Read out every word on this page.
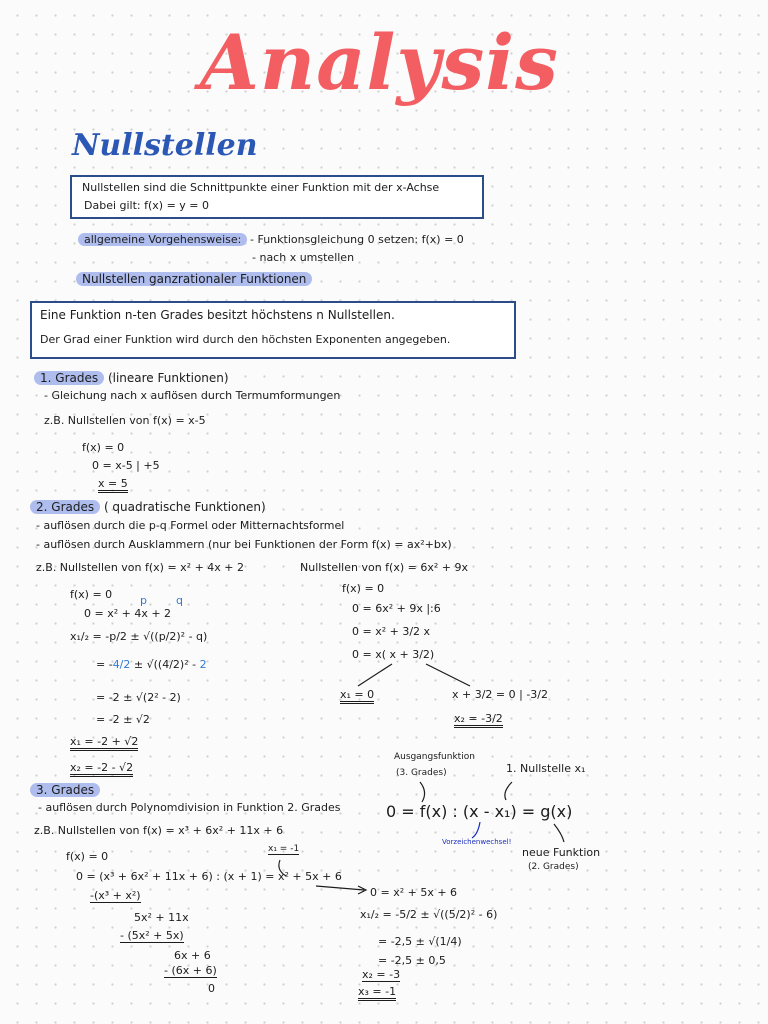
Analysis
Nullstellen
Nullstellen sind die Schnittpunkte einer Funktion mit der x-Achse
Dabei gilt: f(x) = y = 0
allgemeine Vorgehensweise: - Funktionsgleichung 0 setzen: f(x) = 0
- nach x umstellen
Nullstellen ganzrationaler Funktionen
Eine Funktion n-ten Grades besitzt höchstens n Nullstellen.
Der Grad einer Funktion wird durch den höchsten Exponenten angegeben.
1. Grades (lineare Funktionen)
- Gleichung nach x auflösen durch Termumformungen
z.B. Nullstellen von f(x) = x-5
f(x) = 0
0 = x-5 | +5
x = 5
2. Grades ( quadratische Funktionen)
- auflösen durch die p-q Formel oder Mitternachtsformel
- auflösen durch Ausklammern (nur bei Funktionen der Form f(x) = ax²+bx)
z.B. Nullstellen von f(x) = x² + 4x + 2	Nullstellen von f(x) = 6x² + 9x
f(x) = 0
0 = x² + 4x + 2
p	q
x₁/₂ = -p/2 ± √((p/2)² - q)
= -4/2 ± √((4/2)² - 2
= -2 ± √(2² - 2)
= -2 ± √2
x₁ = -2 + √2
x₂ = -2 - √2
f(x) = 0
0 = 6x² + 9x |:6
0 = x² + 3/2 x
0 = x( x + 3/2)
x₁ = 0	x + 3/2 = 0 | -3/2
x₂ = -3/2
Ausgangsfunktion
(3. Grades)	1. Nullstelle x₁
0 = f(x) : (x - x₁) = g(x)
Vorzeichenwechsel!
neue Funktion
(2. Grades)
3. Grades
- auflösen durch Polynomdivision in Funktion 2. Grades
z.B. Nullstellen von f(x) = x³ + 6x² + 11x + 6
x₁ = -1
f(x) = 0
0 = (x³ + 6x² + 11x + 6) : (x + 1) = x² + 5x + 6
-(x³ + x²)
5x² + 11x
- (5x² + 5x)
6x + 6
- (6x + 6)
0
0 = x² + 5x + 6
x₁/₂ = -5/2 ± √((5/2)² - 6)
= -2,5 ± √(1/4)
= -2,5 ± 0,5
x₂ = -3
x₃ = -1
